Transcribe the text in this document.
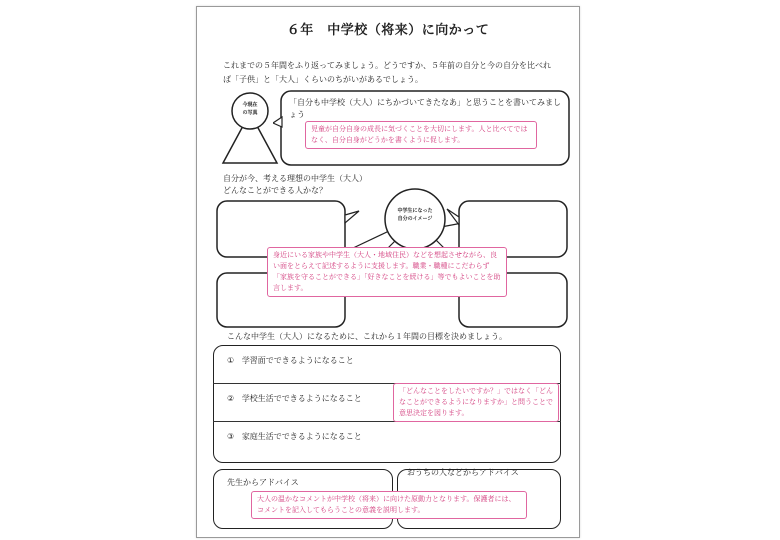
６年　中学校（将来）に向かって
これまでの５年間をふり返ってみましょう。どうですか、５年前の自分と今の自分を比べれば「子供」と「大人」くらいのちがいがあるでしょう。
今現在
の写真
「自分も中学校（大人）にちかづいてきたなあ」と思うことを書いてみましょう
児童が自分自身の成長に気づくことを大切にします。人と比べてではなく、自分自身がどうかを書くように促します。
自分が今、考える理想の中学生（大人）
どんなことができる人かな？
中学生になった
自分のイメージ
身近にいる家族や中学生（大人・地域住民）などを想起させながら、良い面をとらえて記述するように支援します。職業・職種にこだわらず「家族を守ることができる」「好きなことを続ける」等でもよいことを助言します。
こんな中学生（大人）になるために、これから１年間の目標を決めましょう。
① 学習面でできるようになること
② 学校生活でできるようになること
③ 家庭生活でできるようになること
「どんなことをしたいですか？」ではなく「どんなことができるようになりますか」と問うことで意思決定を図ります。
先生からアドバイス
おうちの人などからアドバイス
大人の温かなコメントが中学校（将来）に向けた原動力となります。保護者には、コメントを記入してもらうことの意義を説明します。
